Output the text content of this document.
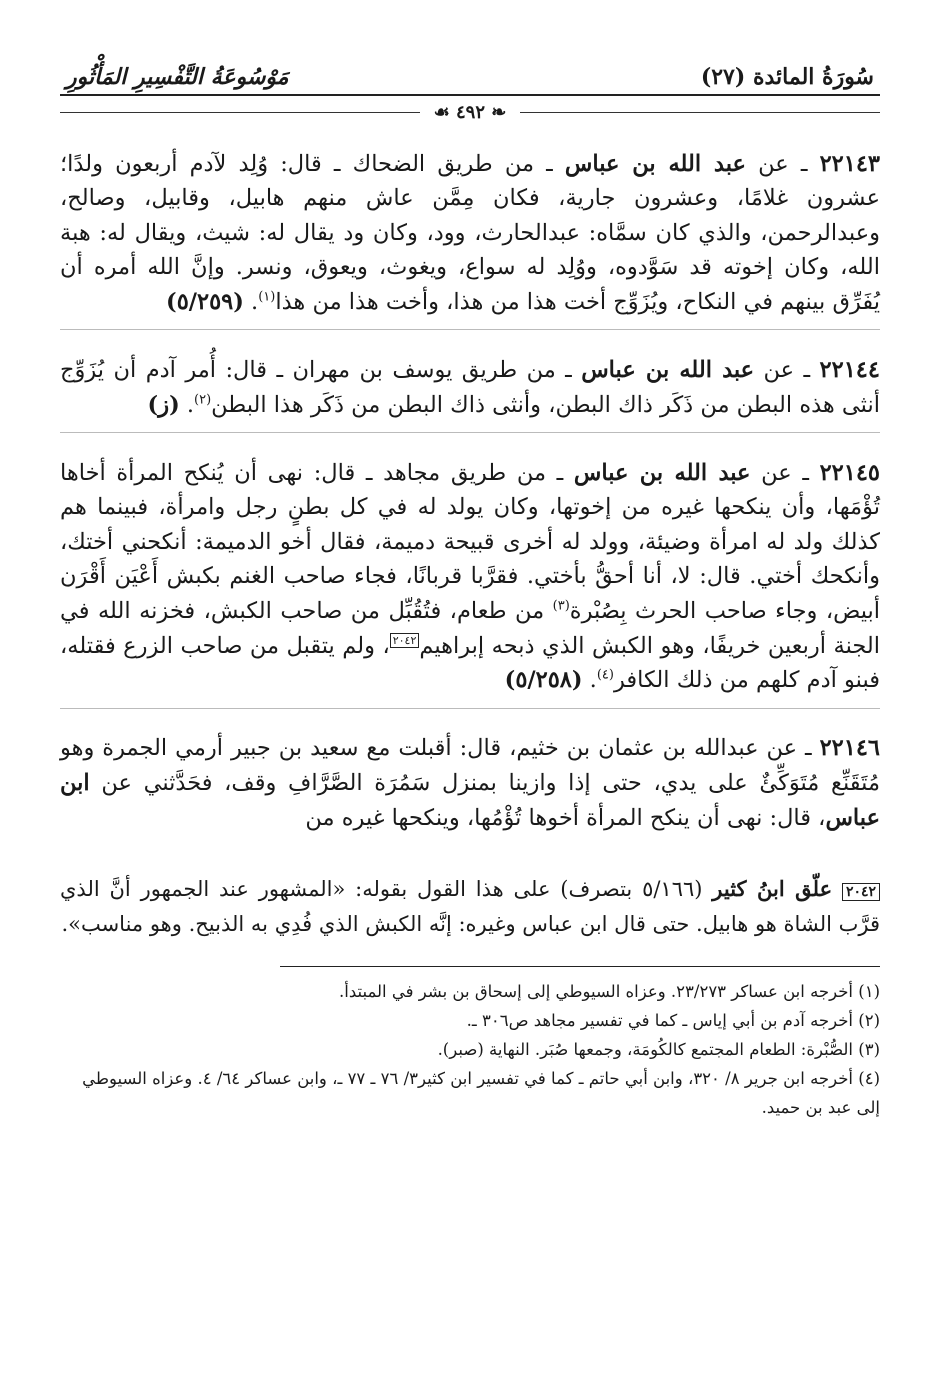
سُورَةُ المائدة (٢٧)
مَوْسُوعَةُ التَّفْسِيرِ المَأْثُورِ
❧ ٤٩٢ ☙

٢٢١٤٣ ـ عن عبد الله بن عباس ـ من طريق الضحاك ـ قال: وُلِد لآدم أربعون ولدًا؛ عشرون غلامًا، وعشرون جارية، فكان مِمَّن عاش منهم هابيل، وقابيل، وصالح، وعبدالرحمن، والذي كان سمَّاه: عبدالحارث، وود، وكان ود يقال له: شيث، ويقال له: هبة الله، وكان إخوته قد سَوَّدوه، ووُلِد له سواع، ويغوث، ويعوق، ونسر. وإنَّ الله أمره أن يُفَرِّق بينهم في النكاح، ويُزَوِّج أخت هذا من هذا، وأخت هذا من هذا$^{(١)}$. (٥/٢٥٩)

٢٢١٤٤ ـ عن عبد الله بن عباس ـ من طريق يوسف بن مهران ـ قال: أُمر آدم أن يُزَوِّج أنثى هذه البطن من ذَكَر ذاك البطن، وأنثى ذاك البطن من ذَكَر هذا البطن$^{(٢)}$. (ز)

٢٢١٤٥ ـ عن عبد الله بن عباس ـ من طريق مجاهد ـ قال: نهى أن يُنكح المرأة أخاها تُؤْمَها، وأن ينكحها غيره من إخوتها، وكان يولد له في كل بطنٍ رجل وامرأة، فبينما هم كذلك ولد له امرأة وضيئة، وولد له أخرى قبيحة دميمة، فقال أخو الدميمة: أنكحني أختك، وأنكحك أختي. قال: لا، أنا أحقُّ بأختي. فقرَّبا قربانًا، فجاء صاحب الغنم بكبش أَعْيَن أَقْرَن أبيض، وجاء صاحب الحرث بِصُبْرة$^{(٣)}$ من طعام، فتُقُبِّل من صاحب الكبش، فخزنه الله في الجنة أربعين خريفًا، وهو الكبش الذي ذبحه إبراهيم$^{٢٠٤٢}$، ولم يتقبل من صاحب الزرع فقتله، فبنو آدم كلهم من ذلك الكافر$^{(٤)}$. (٥/٢٥٨)

٢٢١٤٦ ـ عن عبدالله بن عثمان بن خثيم، قال: أقبلت مع سعيد بن جبير أرمي الجمرة وهو مُتَقَنِّع مُتَوَكِّئٌ على يدي، حتى إذا وازينا بمنزل سَمُرَة الصَّرَّافِ وقف، فحَدَّثني عن ابن عباس، قال: نهى أن ينكح المرأة أخوها تُؤْمُها، وينكحها غيره من

٢٠٤٢ علّق ابنُ كثير (٥/١٦٦ بتصرف) على هذا القول بقوله: «المشهور عند الجمهور أنَّ الذي قرَّب الشاة هو هابيل. حتى قال ابن عباس وغيره: إنَّه الكبش الذي فُدِي به الذبيح. وهو مناسب».

(١) أخرجه ابن عساكر ٢٣/٢٧٣. وعزاه السيوطي إلى إسحاق بن بشر في المبتدأ.

(٢) أخرجه آدم بن أبي إياس ـ كما في تفسير مجاهد ص٣٠٦ ـ.

(٣) الصُّبْرة: الطعام المجتمع كالكُومَة، وجمعها صُبَر. النهاية (صبر).

(٤) أخرجه ابن جرير ٨/ ٣٢٠، وابن أبي حاتم ـ كما في تفسير ابن كثير٣/ ٧٦ ـ ٧٧ ـ، وابن عساكر ٦٤/ ٤. وعزاه السيوطي إلى عبد بن حميد.
